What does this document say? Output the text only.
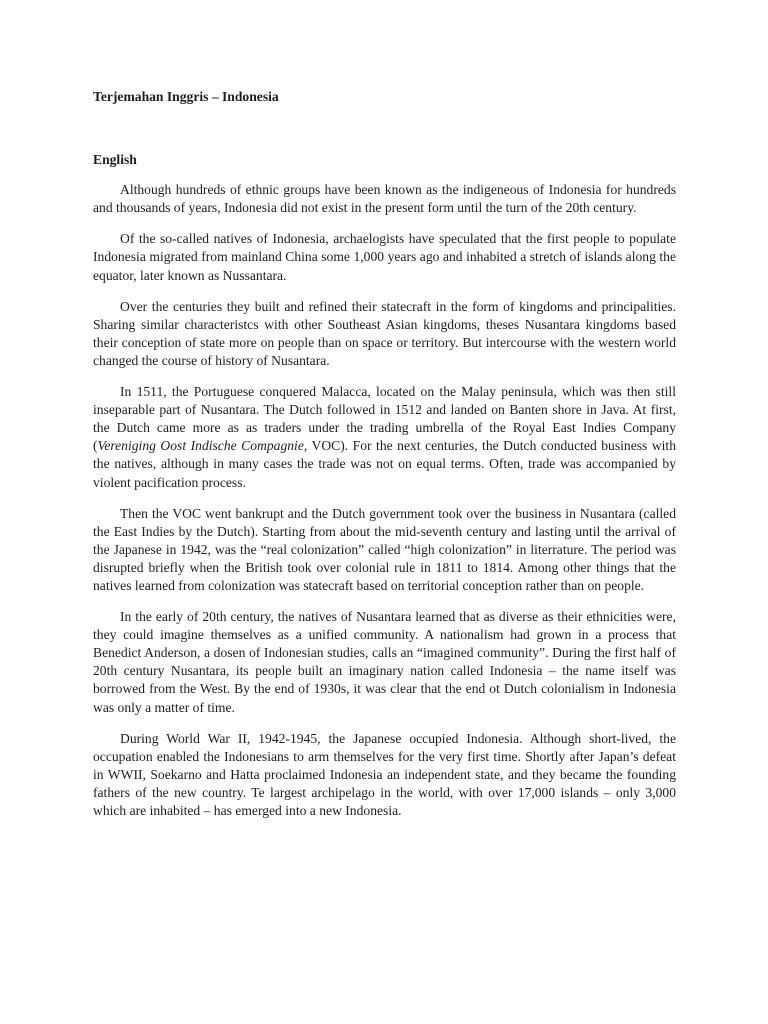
Terjemahan Inggris – Indonesia

English

Although hundreds of ethnic groups have been known as the indigeneous of Indonesia for hundreds and thousands of years, Indonesia did not exist in the present form until the turn of the 20th century.

Of the so-called natives of Indonesia, archaelogists have speculated that the first people to populate Indonesia migrated from mainland China some 1,000 years ago and inhabited a stretch of islands along the equator, later known as Nussantara.

Over the centuries they built and refined their statecraft in the form of kingdoms and principalities. Sharing similar characteristcs with other Southeast Asian kingdoms, theses Nusantara kingdoms based their conception of state more on people than on space or territory. But intercourse with the western world changed the course of history of Nusantara.

In 1511, the Portuguese conquered Malacca, located on the Malay peninsula, which was then still inseparable part of Nusantara. The Dutch followed in 1512 and landed on Banten shore in Java. At first, the Dutch came more as as traders under the trading umbrella of the Royal East Indies Company (Vereniging Oost Indische Compagnie, VOC). For the next centuries, the Dutch conducted business with the natives, although in many cases the trade was not on equal terms. Often, trade was accompanied by violent pacification process.

Then the VOC went bankrupt and the Dutch government took over the business in Nusantara (called the East Indies by the Dutch). Starting from about the mid-seventh century and lasting until the arrival of the Japanese in 1942, was the “real colonization” called “high colonization” in literrature. The period was disrupted briefly when the British took over colonial rule in 1811 to 1814. Among other things that the natives learned from colonization was statecraft based on territorial conception rather than on people.

In the early of 20th century, the natives of Nusantara learned that as diverse as their ethnicities were, they could imagine themselves as a unified community. A nationalism had grown in a process that Benedict Anderson, a dosen of Indonesian studies, calls an “imagined community”. During the first half of 20th century Nusantara, its people built an imaginary nation called Indonesia – the name itself was borrowed from the West. By the end of 1930s, it was clear that the end ot Dutch colonialism in Indonesia was only a matter of time.

During World War II, 1942-1945, the Japanese occupied Indonesia. Although short-lived, the occupation enabled the Indonesians to arm themselves for the very first time. Shortly after Japan’s defeat in WWII, Soekarno and Hatta proclaimed Indonesia an independent state, and they became the founding fathers of the new country. Te largest archipelago in the world, with over 17,000 islands – only 3,000 which are inhabited – has emerged into a new Indonesia.
